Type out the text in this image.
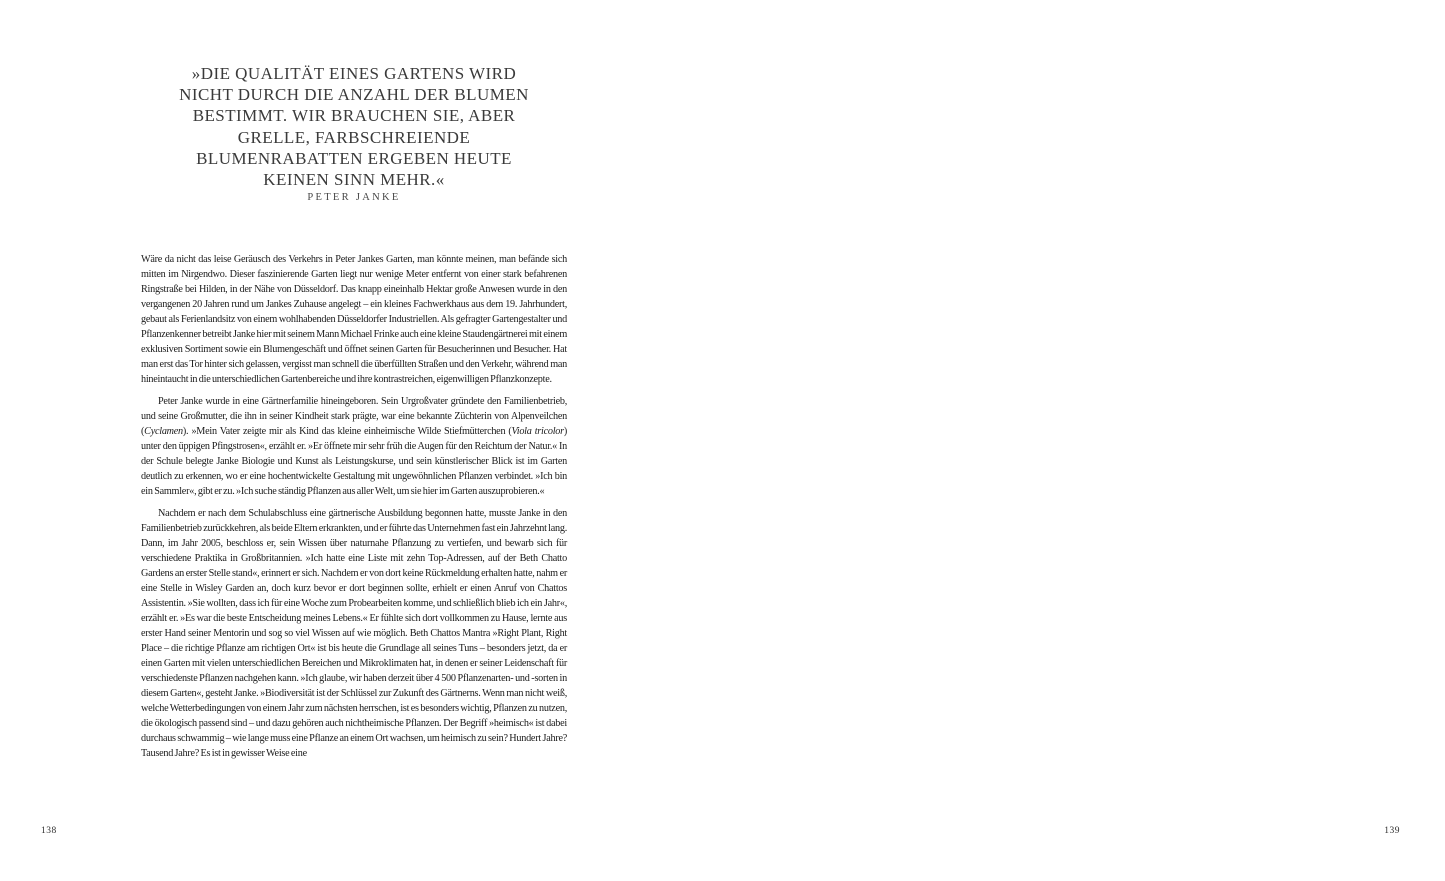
»DIE QUALITÄT EINES GARTENS WIRD
NICHT DURCH DIE ANZAHL DER BLUMEN
BESTIMMT. WIR BRAUCHEN SIE, ABER
GRELLE, FARBSCHREIENDE
BLUMENRABATTEN ERGEBEN HEUTE
KEINEN SINN MEHR.«
PETER JANKE

Wäre da nicht das leise Geräusch des Verkehrs in Peter Jankes Garten, man könnte meinen, man befände sich mitten im Nirgendwo. Dieser faszinierende Garten liegt nur wenige Meter entfernt von einer stark befahrenen Ringstraße bei Hilden, in der Nähe von Düsseldorf. Das knapp eineinhalb Hektar große Anwesen wurde in den vergangenen 20 Jahren rund um Jankes Zuhause angelegt – ein kleines Fachwerkhaus aus dem 19. Jahrhundert, gebaut als Ferienlandsitz von einem wohlhabenden Düsseldorfer Industriellen. Als gefragter Gartengestalter und Pflanzenkenner betreibt Janke hier mit seinem Mann Michael Frinke auch eine kleine Staudengärtnerei mit einem exklusiven Sortiment sowie ein Blumengeschäft und öffnet seinen Garten für Besucherinnen und Besucher. Hat man erst das Tor hinter sich gelassen, vergisst man schnell die überfüllten Straßen und den Verkehr, während man hineintaucht in die unterschiedlichen Gartenbereiche und ihre kontrastreichen, eigenwilligen Pflanzkonzepte.

Peter Janke wurde in eine Gärtnerfamilie hineingeboren. Sein Urgroßvater gründete den Familienbetrieb, und seine Großmutter, die ihn in seiner Kindheit stark prägte, war eine bekannte Züchterin von Alpenveilchen (Cyclamen). »Mein Vater zeigte mir als Kind das kleine einheimische Wilde Stiefmütterchen (Viola tricolor) unter den üppigen Pfingstrosen«, erzählt er. »Er öffnete mir sehr früh die Augen für den Reichtum der Natur.« In der Schule belegte Janke Biologie und Kunst als Leistungskurse, und sein künstlerischer Blick ist im Garten deutlich zu erkennen, wo er eine hochentwickelte Gestaltung mit ungewöhnlichen Pflanzen verbindet. »Ich bin ein Sammler«, gibt er zu. »Ich suche ständig Pflanzen aus aller Welt, um sie hier im Garten auszuprobieren.«

Nachdem er nach dem Schulabschluss eine gärtnerische Ausbildung begonnen hatte, musste Janke in den Familienbetrieb zurückkehren, als beide Eltern erkrankten, und er führte das Unternehmen fast ein Jahrzehnt lang. Dann, im Jahr 2005, beschloss er, sein Wissen über naturnahe Pflanzung zu vertiefen, und bewarb sich für verschiedene Praktika in Großbritannien. »Ich hatte eine Liste mit zehn Top-Adressen, auf der Beth Chatto Gardens an erster Stelle stand«, erinnert er sich. Nachdem er von dort keine Rückmeldung erhalten hatte, nahm er eine Stelle in Wisley Garden an, doch kurz bevor er dort beginnen sollte, erhielt er einen Anruf von Chattos Assistentin. »Sie wollten, dass ich für eine Woche zum Probearbeiten komme, und schließlich blieb ich ein Jahr«, erzählt er. »Es war die beste Entscheidung meines Lebens.« Er fühlte sich dort vollkommen zu Hause, lernte aus erster Hand seiner Mentorin und sog so viel Wissen auf wie möglich. Beth Chattos Mantra »Right Plant, Right Place – die richtige Pflanze am richtigen Ort« ist bis heute die Grundlage all seines Tuns – besonders jetzt, da er einen Garten mit vielen unterschiedlichen Bereichen und Mikroklimaten hat, in denen er seiner Leidenschaft für verschiedenste Pflanzen nachgehen kann. »Ich glaube, wir haben derzeit über 4 500 Pflanzenarten- und -sorten in diesem Garten«, gesteht Janke. »Biodiversität ist der Schlüssel zur Zukunft des Gärtnerns. Wenn man nicht weiß, welche Wetterbedingungen von einem Jahr zum nächsten herrschen, ist es besonders wichtig, Pflanzen zu nutzen, die ökologisch passend sind – und dazu gehören auch nichtheimische Pflanzen. Der Begriff »heimisch« ist dabei durchaus schwammig – wie lange muss eine Pflanze an einem Ort wachsen, um heimisch zu sein? Hundert Jahre? Tausend Jahre? Es ist in gewisser Weise eine

138	139
